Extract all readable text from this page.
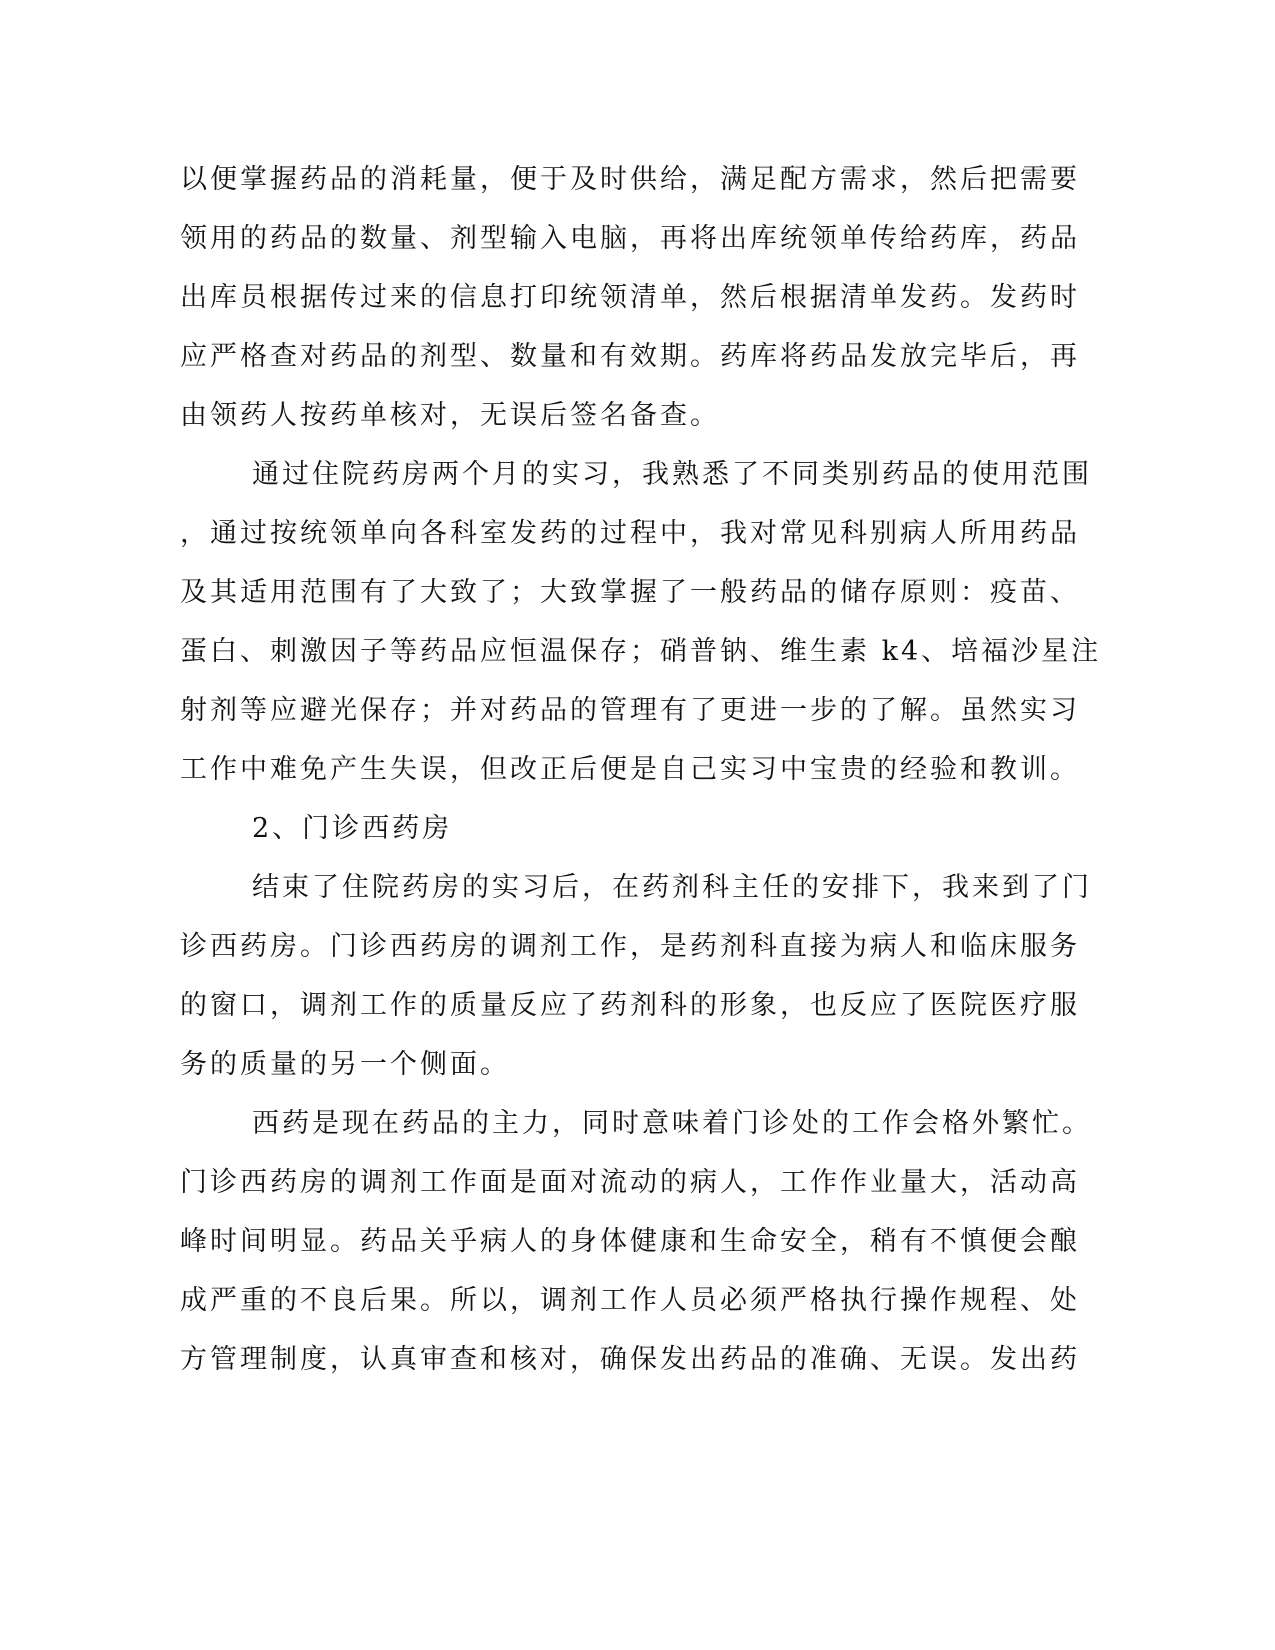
以便掌握药品的消耗量，便于及时供给，满足配方需求，然后把需要
领用的药品的数量、剂型输入电脑，再将出库统领单传给药库，药品
出库员根据传过来的信息打印统领清单，然后根据清单发药。发药时
应严格查对药品的剂型、数量和有效期。药库将药品发放完毕后，再
由领药人按药单核对，无误后签名备查。
通过住院药房两个月的实习，我熟悉了不同类别药品的使用范围
，通过按统领单向各科室发药的过程中，我对常见科别病人所用药品
及其适用范围有了大致了；大致掌握了一般药品的储存原则：疫苗、
蛋白、刺激因子等药品应恒温保存；硝普钠、维生素 k4、培福沙星注
射剂等应避光保存；并对药品的管理有了更进一步的了解。虽然实习
工作中难免产生失误，但改正后便是自己实习中宝贵的经验和教训。
2、门诊西药房
结束了住院药房的实习后，在药剂科主任的安排下，我来到了门
诊西药房。门诊西药房的调剂工作，是药剂科直接为病人和临床服务
的窗口，调剂工作的质量反应了药剂科的形象，也反应了医院医疗服
务的质量的另一个侧面。
西药是现在药品的主力，同时意味着门诊处的工作会格外繁忙。
门诊西药房的调剂工作面是面对流动的病人，工作作业量大，活动高
峰时间明显。药品关乎病人的身体健康和生命安全，稍有不慎便会酿
成严重的不良后果。所以，调剂工作人员必须严格执行操作规程、处
方管理制度，认真审查和核对，确保发出药品的准确、无误。发出药
